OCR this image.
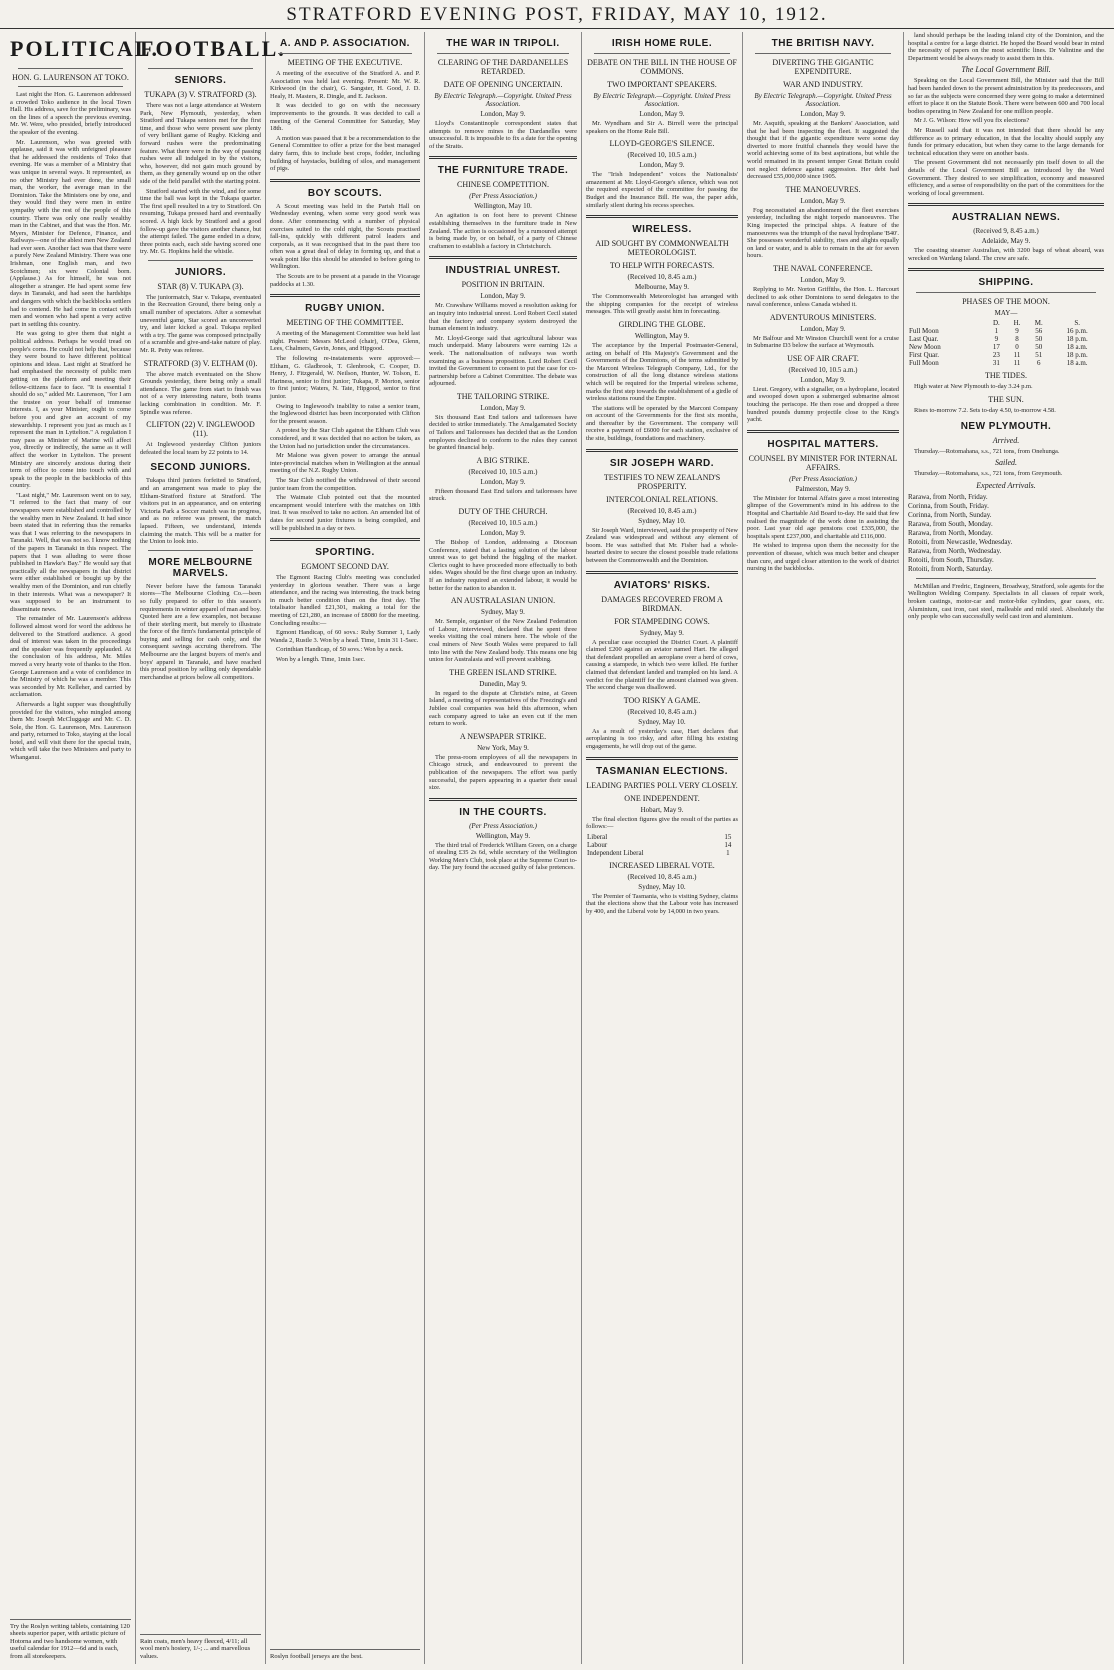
STRATFORD EVENING POST, FRIDAY, MAY 10, 1912.
POLITICAL.
HON. G. LAURENSON AT TOKO.

Last night the Hon. G. Laurenson addressed a crowded Toko audience in the local Town Hall. His address, save for the preliminary, was on the lines of a speech the previous evening. Mr. W. Were, who presided, briefly introduced the speaker of the evening.

Mr. Laurenson, who was greeted with applause, said it was with unfeigned pleasure that he addressed the residents of Toko that evening. He was a member of a Ministry that was unique in several ways. It represented, as no other Ministry had ever done, the small man, the worker, the average man in the Dominion. Take the Ministers one by one, and they would find they were men in entire sympathy with the rest of the people of this country. There was only one really wealthy man in the Cabinet, and that was the Hon. Mr. Myers, Minister for Defence, Finance, and Railways—one of the ablest men New Zealand had ever seen. Another fact was that there were a purely New Zealand Ministry. There was one Irishman, one English man, and two Scotchmen; six were Colonial born. (Applause.) As for himself, he was not altogether a stranger. He had spent some few days in Taranaki, and had seen the hardships and dangers with which the backblocks settlers had to contend. He had come in contact with men and women who had spent a very active part in settling this country.

He was going to give them that night a political address. Perhaps he would tread on people's corns. He could not help that, because they were bound to have different political opinions and ideas. Last night at Stratford he had emphasised the necessity of public men getting on the platform and meeting their fellow-citizens face to face. "It is essential I should do so," added Mr. Laurenson, "for I am the trustee on your behalf of immense interests. I, as your Minister, ought to come before you and give an account of my stewardship. I represent you just as much as I represent the man in Lyttelton." A regulation I may pass as Minister of Marine will affect you, directly or indirectly, the same as it will affect the worker in Lyttelton. The present Ministry are sincerely anxious during their term of office to come into touch with and speak to the people in the backblocks of this country.

"Last night," Mr. Laurenson went on to say, "I referred to the fact that many of our newspapers were established and controlled by the wealthy men in New Zealand. It had since been stated that in referring thus the remarks was that I was referring to the newspapers in Taranaki. Well, that was not so. I know nothing of the papers in Taranaki in this respect. The papers that I was alluding to were those published in Hawke's Bay." He would say that practically all the newspapers in that district were either established or bought up by the wealthy men of the Dominion, and run chiefly in their interests. What was a newspaper? It was supposed to be an instrument to disseminate news.

The remainder of Mr. Laurenson's address followed almost word for word the address he delivered to the Stratford audience. A good deal of interest was taken in the proceedings and the speaker was frequently applauded. At the conclusion of his address, Mr. Miles moved a very hearty vote of thanks to the Hon. George Laurenson and a vote of confidence in the Ministry of which he was a member. This was seconded by Mr. Kelleher, and carried by acclamation.

Afterwards a light supper was thoughtfully provided for the visitors, who mingled among them Mr. Joseph McCluggage and Mr. C. D. Sole, the Hon. G. Laurenson, Mrs. Laurenson and party, returned to Toko, staying at the local hotel, and will visit there for the special train, which will take the two Ministers and party to Whanganui.

Try the Roslyn writing tablets, containing 120 sheets superior paper, with artistic picture of Hotorna and two handsome women, with useful calendar for 1912—6d and is each, from all storekeepers.
FOOTBALL.
SENIORS.
TUKAPA (3) V. STRATFORD (3).

There was not a large attendance at Western Park, New Plymouth, yesterday, when Stratford and Tukapa seniors met for the first time, and those who were present saw plenty of very brilliant game of Rugby. Kicking and forward rushes were the predominating feature. What there were in the way of passing rushes were all indulged in by the visitors, who, however, did not gain much ground by them, as they generally wound up on the other side of the field parallel with the starting point.

Stratford started with the wind, and for some time the ball was kept in the Tukapa quarter. The first spell resulted in a try to Stratford. On resuming, Tukapa pressed hard and eventually scored. A high kick by Stratford and a good follow-up gave the visitors another chance, but the attempt failed. The game ended in a draw, three points each, each side having scored one try. Mr. G. Hopkins held the whistle.

JUNIORS.
STAR (8) V. TUKAPA (3).

The juniormatch, Star v. Tukapa, eventuated in the Recreation Ground, there being only a small number of spectators. After a somewhat uneventful game, Star scored an unconverted try, and later kicked a goal. Tukapa replied with a try. The game was composed principally of a scramble and give-and-take nature of play. Mr. R. Petty was referee.

STRATFORD (3) V. ELTHAM (0).

The above match eventuated on the Show Grounds yesterday, there being only a small attendance. The game from start to finish was not of a very interesting nature, both teams lacking combination in condition. Mr. F. Spindle was referee.

CLIFTON (22) V. INGLEWOOD (11).

At Inglewood yesterday Clifton juniors defeated the local team by 22 points to 14.

SECOND JUNIORS.

Tukapa third juniors forfeited to Stratford, and an arrangement was made to play the Eltham-Stratford fixture at Stratford. The visitors put in an appearance, and on entering Victoria Park a Soccer match was in progress, and as no referee was present, the match lapsed. Fifteen, we understand, intends claiming the match. This will be a matter for the Union to look into.

MORE MELBOURNE MARVELS.

Never before have the famous Taranaki stores—The Melbourne Clothing Co.—been so fully prepared to offer to this season's requirements in winter apparel of man and boy. Quoted here are a few examples, not because of their sterling merit, but merely to illustrate the force of the firm's fundamental principle of buying and selling for cash only, and the consequent savings accruing therefrom. The Melbourne are the largest buyers of men's and boys' apparel in Taranaki, and have reached this proud position by selling only dependable merchandise at prices below all competitors.

Rain coats, men's heavy fleeced, 4/11; all wool men's hosiery, 1/-; ... and marvellous values.
A. AND P. ASSOCIATION.
MEETING OF THE EXECUTIVE.

A meeting of the executive of the Stratford A. and P. Association was held last evening. Present: Mr. W. R. Kirkwood (in the chair), G. Sangster, H. Good, J. D. Healy, H. Masters, R. Dingle, and E. Jackson.

It was decided to go on with the necessary improvements to the grounds. It was decided to call a meeting of the General Committee for Saturday, May 18th.

A motion was passed that it be a recommendation to the General Committee to offer a prize for the best managed dairy farm, this to include best crops, fodder, including building of haystacks, building of silos, and management of pigs.

BOY SCOUTS.

A Scout meeting was held in the Parish Hall on Wednesday evening, when some very good work was done. After commencing with a number of physical exercises suited to the cold night, the Scouts practised fall-ins, quickly with different patrol leaders and corporals, as it was recognised that in the past there too often was a great deal of delay in forming up, and that a weak point like this should be attended to before going to Wellington.

The Scouts are to be present at a parade in the Vicarage paddocks at 1.30.

RUGBY UNION.
MEETING OF THE COMMITTEE.

A meeting of the Management Committee was held last night. Present: Messrs McLeod (chair), O'Dea, Glenn, Lees, Chalmers, Gavin, Jones, and Hipgood.

The following re-instatements were approved:—Eltham, G. Gladbrook, T. Glenbrook, C. Cooper, D. Henry, J. Fitzgerald, W. Neilson, Hunter, W. Tolson, E. Hartness, senior to first junior; Tukapa, P. Morton, senior to first junior; Waters, N. Tate, Hipgood, senior to first junior.

Owing to Inglewood's inability to raise a senior team, the Inglewood district has been incorporated with Clifton for the present season.

A protest by the Star Club against the Eltham Club was considered, and it was decided that no action be taken, as the Union had no jurisdiction under the circumstances.

Mr Malone was given power to arrange the annual inter-provincial matches when in Wellington at the annual meeting of the N.Z. Rugby Union.

The Star Club notified the withdrawal of their second junior team from the competition.

The Waimate Club pointed out that the mounted encampment would interfere with the matches on 18th inst. It was resolved to take no action. An amended list of dates for second junior fixtures is being compiled, and will be published in a day or two.

SPORTING.
EGMONT SECOND DAY.

The Egmont Racing Club's meeting was concluded yesterday in glorious weather. There was a large attendance, and the racing was interesting, the track being in much better condition than on the first day. The totalisator handled £21,301, making a total for the meeting of £21,280, an increase of £8080 for the meeting. Concluding results:—

Egmont Handicap, of 60 sovs.: Ruby Sumner 1, Lady Wanda 2, Rustle 3. Won by a head. Time, 1min 31 1-5sec.

Corinthian Handicap, of 50 sovs.: Won by a neck.

Won by a length. Time, 1min 1sec.

Roslyn football jerseys are the best.
THE WAR IN TRIPOLI.
CLEARING OF THE DARDANELLES RETARDED.
DATE OF OPENING UNCERTAIN.
By Electric Telegraph.—Copyright. United Press Association.
London, May 9.

Lloyd's Constantinople correspondent states that attempts to remove mines in the Dardanelles were unsuccessful. It is impossible to fix a date for the opening of the Straits.

THE FURNITURE TRADE.
CHINESE COMPETITION.
(Per Press Association.)
Wellington, May 10.

An agitation is on foot here to prevent Chinese establishing themselves in the furniture trade in New Zealand. The action is occasioned by a rumoured attempt is being made by, or on behalf, of a party of Chinese craftsmen to establish a factory in Christchurch.

INDUSTRIAL UNREST.
POSITION IN BRITAIN.
London, May 9.

Mr. Crawshaw Williams moved a resolution asking for an inquiry into industrial unrest. Lord Robert Cecil stated that the factory and company system destroyed the human element in industry.

Mr. Lloyd-George said that agricultural labour was much underpaid. Many labourers were earning 12s a week. The nationalisation of railways was worth examining as a business proposition. Lord Robert Cecil invited the Government to consent to put the case for co-partnership before a Cabinet Committee. The debate was adjourned.

THE TAILORING STRIKE.
London, May 9.

Six thousand East End tailors and tailoresses have decided to strike immediately. The Amalgamated Society of Tailors and Tailoresses has decided that as the London employers declined to conform to the rules they cannot be granted financial help.

A BIG STRIKE.
(Received 10, 10.5 a.m.)
London, May 9.

Fifteen thousand East End tailors and tailoresses have struck.

DUTY OF THE CHURCH.
(Received 10, 10.5 a.m.)
London, May 9.

The Bishop of London, addressing a Diocesan Conference, stated that a lasting solution of the labour unrest was to get behind the higgling of the market. Clerics ought to have proceeded more effectually to both sides. Wages should be the first charge upon an industry. If an industry required an extended labour, it would be better for the nation to abandon it.

AN AUSTRALASIAN UNION.
Sydney, May 9.

Mr. Semple, organiser of the New Zealand Federation of Labour, interviewed, declared that he spent three weeks visiting the coal miners here. The whole of the coal miners of New South Wales were prepared to fall into line with the New Zealand body. This means one big union for Australasia and will prevent scabbing.

THE GREEN ISLAND STRIKE.
Dunedin, May 9.

In regard to the dispute at Christie's mine, at Green Island, a meeting of representatives of the Freezing's and Jubilee coal companies was held this afternoon, when each company agreed to take an even cut if the men return to work.

A NEWSPAPER STRIKE.
New York, May 9.

The press-room employees of all the newspapers in Chicago struck, and endeavoured to prevent the publication of the newspapers. The effort was partly successful, the papers appearing in a quarter their usual size.

IN THE COURTS.
(Per Press Association.)
Wellington, May 9.

The third trial of Frederick William Green, on a charge of stealing £35 2s 6d, while secretary of the Wellington Working Men's Club, took place at the Supreme Court to-day. The jury found the accused guilty of false pretences.

IRISH HOME RULE.
DEBATE ON THE BILL IN THE HOUSE OF COMMONS.
TWO IMPORTANT SPEAKERS.
By Electric Telegraph.—Copyright. United Press Association.
London, May 9.

Mr. Wyndham and Sir A. Birrell were the principal speakers on the Home Rule Bill.

LLOYD-GEORGE'S SILENCE.
(Received 10, 10.5 a.m.)
London, May 9.

The "Irish Independent" voices the Nationalists' amazement at Mr. Lloyd-George's silence, which was not the required expected of the committee for passing the Budget and the Insurance Bill. He was, the paper adds, similarly silent during his recess speeches.

WIRELESS.
AID SOUGHT BY COMMONWEALTH METEOROLOGIST.
TO HELP WITH FORECASTS.
(Received 10, 8.45 a.m.)
Melbourne, May 9.

The Commonwealth Meteorologist has arranged with the shipping companies for the receipt of wireless messages. This will greatly assist him in forecasting.

GIRDLING THE GLOBE.
Wellington, May 9.

The acceptance by the Imperial Postmaster-General, acting on behalf of His Majesty's Government and the Governments of the Dominions, of the terms submitted by the Marconi Wireless Telegraph Company, Ltd., for the construction of all the long distance wireless stations which will be required for the Imperial wireless scheme, marks the first step towards the establishment of a girdle of wireless stations round the Empire.

The stations will be operated by the Marconi Company on account of the Governments for the first six months, and thereafter by the Government. The company will receive a payment of £6000 for each station, exclusive of the site, buildings, foundations and machinery.

SIR JOSEPH WARD.
TESTIFIES TO NEW ZEALAND'S PROSPERITY.
INTERCOLONIAL RELATIONS.
(Received 10, 8.45 a.m.)
Sydney, May 10.

Sir Joseph Ward, interviewed, said the prosperity of New Zealand was widespread and without any element of boom. He was satisfied that Mr. Fisher had a whole-hearted desire to secure the closest possible trade relations between the Commonwealth and the Dominion.

AVIATORS' RISKS.
DAMAGES RECOVERED FROM A BIRDMAN.
FOR STAMPEDING COWS.
Sydney, May 9.

A peculiar case occupied the District Court. A plaintiff claimed £200 against an aviator named Hart. He alleged that defendant propelled an aeroplane over a herd of cows, causing a stampede, in which two were killed. He further claimed that defendant landed and trampled on his land. A verdict for the plaintiff for the amount claimed was given. The second charge was disallowed.

TOO RISKY A GAME.
(Received 10, 8.45 a.m.)
Sydney, May 10.

As a result of yesterday's case, Hart declares that aeroplaning is too risky, and after filling his existing engagements, he will drop out of the game.

TASMANIAN ELECTIONS.
LEADING PARTIES POLL VERY CLOSELY.
ONE INDEPENDENT.
Hobart, May 9.

The final election figures give the result of the parties as follows:—

Liberal	15
Labour	14
Independent Liberal	1
INCREASED LIBERAL VOTE.
(Received 10, 8.45 a.m.)
Sydney, May 10.

The Premier of Tasmania, who is visiting Sydney, claims that the elections show that the Labour vote has increased by 400, and the Liberal vote by 14,000 in two years.

THE BRITISH NAVY.
DIVERTING THE GIGANTIC EXPENDITURE.
WAR AND INDUSTRY.
By Electric Telegraph.—Copyright. United Press Association.
London, May 9.

Mr. Asquith, speaking at the Bankers' Association, said that he had been inspecting the fleet. It suggested the thought that if the gigantic expenditure were some day diverted to more fruitful channels they would have the world achieving some of its best aspirations, but while the world remained in its present temper Great Britain could not neglect defence against aggression. Her debt had decreased £55,000,000 since 1905.

THE MANOEUVRES.
London, May 9.

Fog necessitated an abandonment of the fleet exercises yesterday, including the night torpedo manoeuvres. The King inspected the principal ships. A feature of the manoeuvres was the triumph of the naval hydroplane 'B40'. She possesses wonderful stability, rises and alights equally on land or water, and is able to remain in the air for seven hours.

THE NAVAL CONFERENCE.
London, May 9.

Replying to Mr. Norton Griffiths, the Hon. L. Harcourt declined to ask other Dominions to send delegates to the naval conference, unless Canada wished it.

ADVENTUROUS MINISTERS.
London, May 9.

Mr Balfour and Mr Winston Churchill went for a cruise in Submarine D3 below the surface at Weymouth.

USE OF AIR CRAFT.
(Received 10, 10.5 a.m.)
London, May 9.

Lieut. Gregory, with a signaller, on a hydroplane, located and swooped down upon a submerged submarine almost touching the periscope. He then rose and dropped a three hundred pounds dummy projectile close to the King's yacht.

HOSPITAL MATTERS.
COUNSEL BY MINISTER FOR INTERNAL AFFAIRS.
(Per Press Association.)
Palmerston, May 9.

The Minister for Internal Affairs gave a most interesting glimpse of the Government's mind in his address to the Hospital and Charitable Aid Board to-day. He said that few realised the magnitude of the work done in assisting the poor. Last year old age pensions cost £335,000, the hospitals spent £237,000, and charitable aid £116,000.

He wished to impress upon them the necessity for the prevention of disease, which was much better and cheaper than cure, and urged closer attention to the work of district nursing in the backblocks.

land should perhaps be the leading inland city of the Dominion, and the hospital a centre for a large district. He hoped the Board would bear in mind the necessity of papers on the most scientific lines. Dr Valintine and the Department would be always ready to assist them in this.

The Local Government Bill.

Speaking on the Local Government Bill, the Minister said that the Bill had been handed down to the present administration by its predecessors, and so far as the subjects were concerned they were going to make a determined effort to place it on the Statute Book. There were between 600 and 700 local bodies operating in New Zealand for one million people.

Mr J. G. Wilson: How will you fix elections?

Mr Russell said that it was not intended that there should be any difference as to primary education, in that the locality should supply any funds for primary education, but when they came to the large demands for technical education they were on another basis.

The present Government did not necessarily pin itself down to all the details of the Local Government Bill as introduced by the Ward Government. They desired to see simplification, economy and measured efficiency, and a sense of responsibility on the part of the committees for the working of local government.

AUSTRALIAN NEWS.
(Received 9, 8.45 a.m.)
Adelaide, May 9.

The coasting steamer Australian, with 3200 bags of wheat aboard, was wrecked on Wardang Island. The crew are safe.

SHIPPING.
PHASES OF THE MOON.
MAY—
	D.	H.	M.	S.
Full Moon	1	9	56	16 p.m.
Last Quar.	9	8	50	18 p.m.
New Moon	17	0	50	18 a.m.
First Quar.	23	11	51	18 p.m.
Full Moon	31	11	6	18 a.m.
THE TIDES.

High water at New Plymouth to-day 3.24 p.m.

THE SUN.

Rises to-morrow 7.2. Sets to-day 4.50, to-morrow 4.58.

NEW PLYMOUTH.
Arrived.

Thursday.—Rotomahana, s.s., 721 tons, from Onehunga.

Sailed.

Thursday.—Rotomahana, s.s., 721 tons, from Greymouth.

Expected Arrivals.
Rarawa, from North, Friday.
Corinna, from South, Friday.
Corinna, from North, Sunday.
Rarawa, from South, Monday.
Rarawa, from North, Monday.
Rotoiti, from Newcastle, Wednesday.
Rarawa, from North, Wednesday.
Rotoiti, from South, Thursday.
Rotoiti, from North, Saturday.

McMillan and Fredric, Engineers, Broadway, Stratford, sole agents for the Wellington Welding Company. Specialists in all classes of repair work, broken castings, motor-car and motor-bike cylinders, gear cases, etc. Aluminium, cast iron, cast steel, malleable and mild steel. Absolutely the only people who can successfully weld cast iron and aluminium.
